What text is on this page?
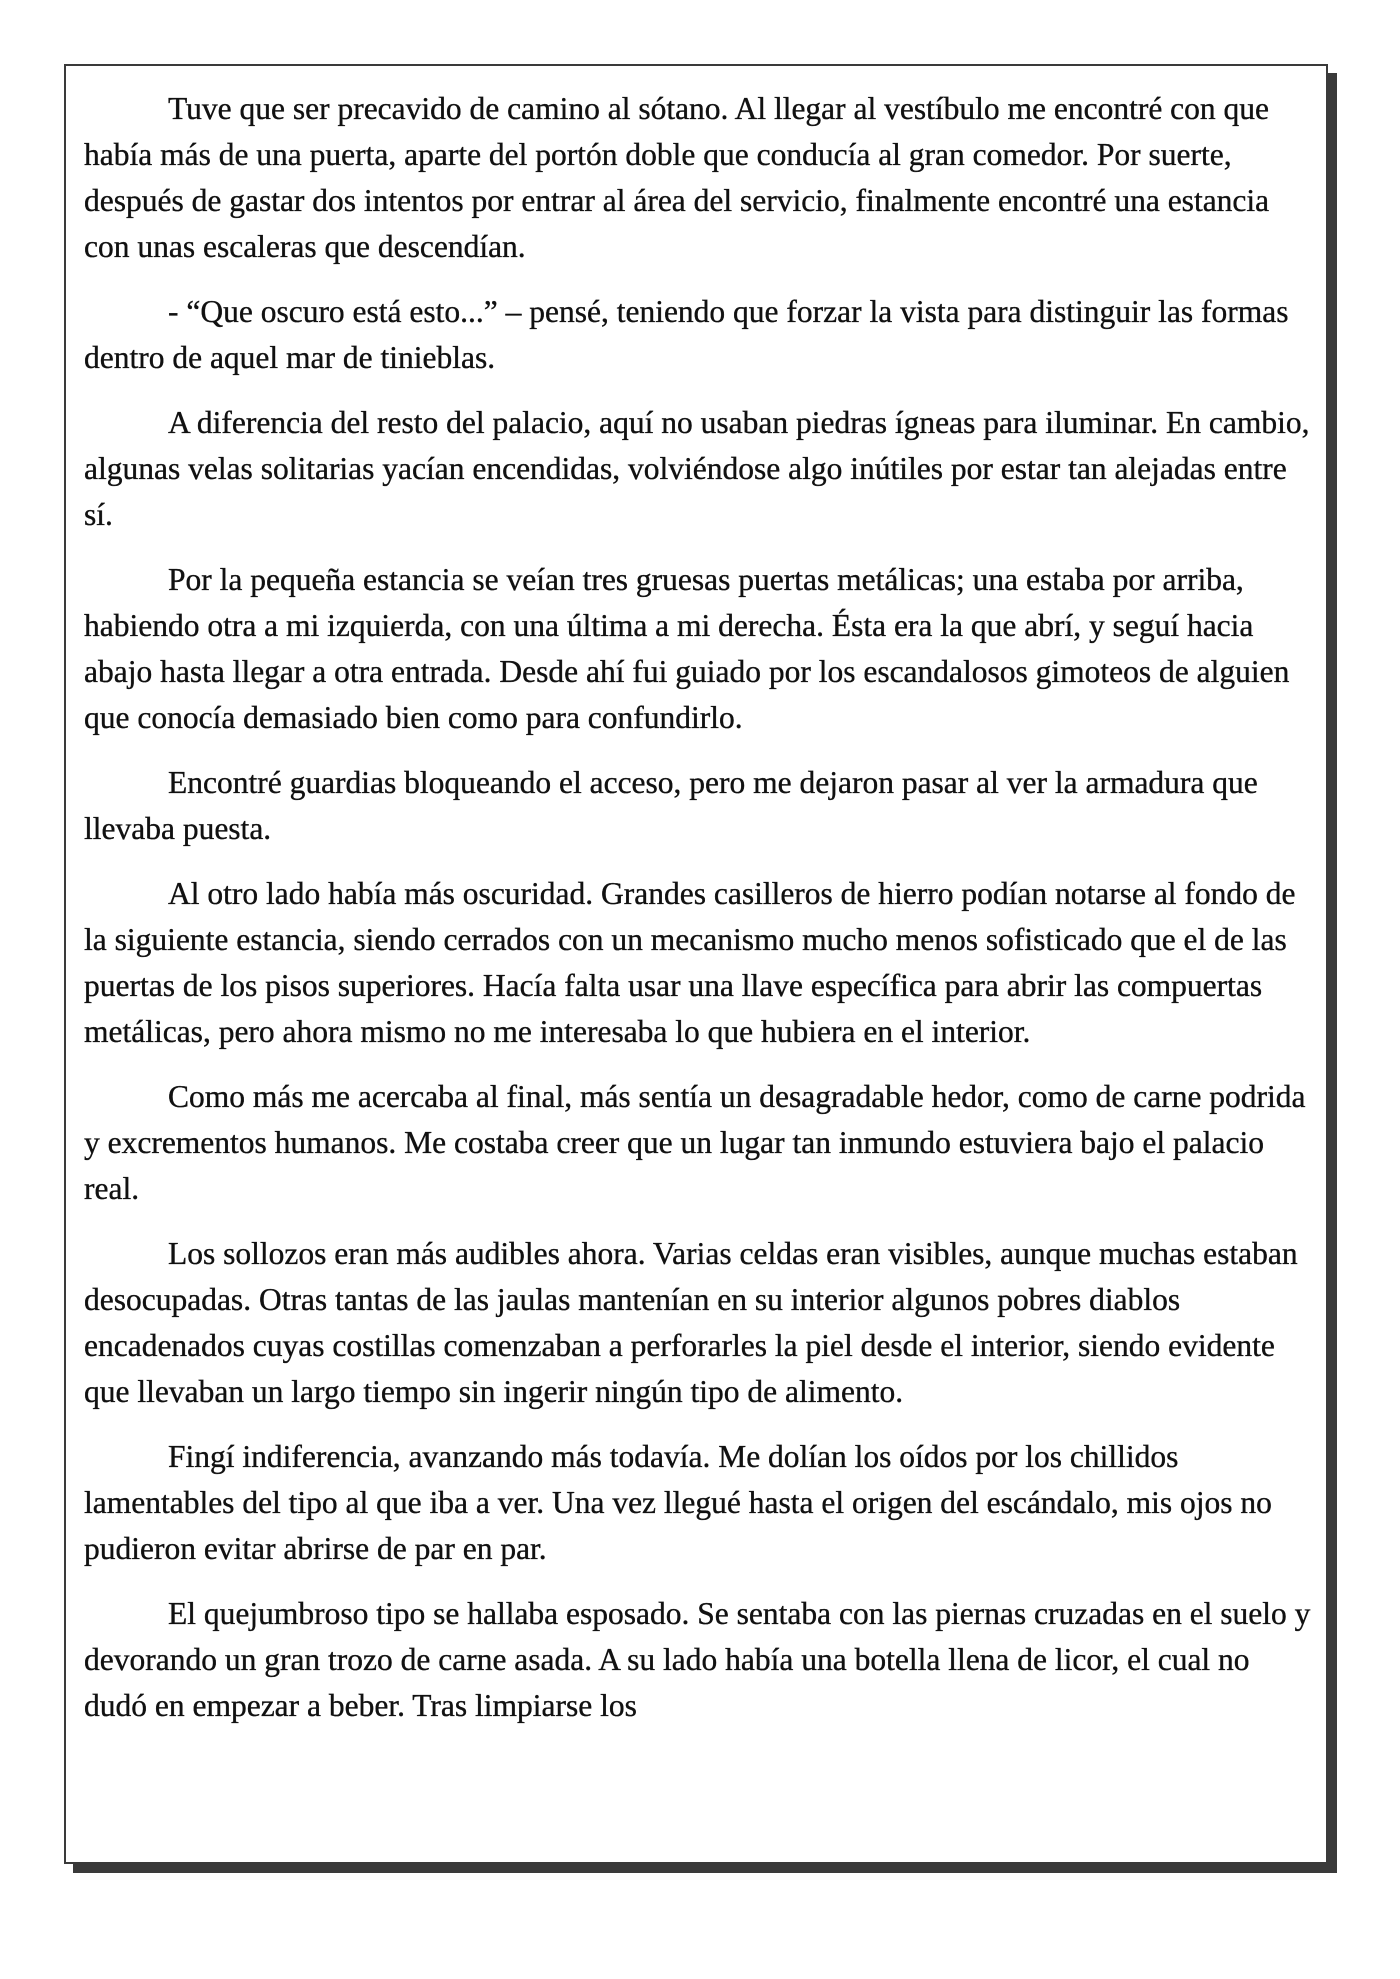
Tuve que ser precavido de camino al sótano. Al llegar al vestíbulo me encontré con que había más de una puerta, aparte del portón doble que conducía al gran comedor. Por suerte, después de gastar dos intentos por entrar al área del servicio, finalmente encontré una estancia con unas escaleras que descendían.

- “Que oscuro está esto...” – pensé, teniendo que forzar la vista para distinguir las formas dentro de aquel mar de tinieblas.

A diferencia del resto del palacio, aquí no usaban piedras ígneas para iluminar. En cambio, algunas velas solitarias yacían encendidas, volviéndose algo inútiles por estar tan alejadas entre sí.

Por la pequeña estancia se veían tres gruesas puertas metálicas; una estaba por arriba, habiendo otra a mi izquierda, con una última a mi derecha. Ésta era la que abrí, y seguí hacia abajo hasta llegar a otra entrada. Desde ahí fui guiado por los escandalosos gimoteos de alguien que conocía demasiado bien como para confundirlo.

Encontré guardias bloqueando el acceso, pero me dejaron pasar al ver la armadura que llevaba puesta.

Al otro lado había más oscuridad. Grandes casilleros de hierro podían notarse al fondo de la siguiente estancia, siendo cerrados con un mecanismo mucho menos sofisticado que el de las puertas de los pisos superiores. Hacía falta usar una llave específica para abrir las compuertas metálicas, pero ahora mismo no me interesaba lo que hubiera en el interior.

Como más me acercaba al final, más sentía un desagradable hedor, como de carne podrida y excrementos humanos. Me costaba creer que un lugar tan inmundo estuviera bajo el palacio real.

Los sollozos eran más audibles ahora. Varias celdas eran visibles, aunque muchas estaban desocupadas. Otras tantas de las jaulas mantenían en su interior algunos pobres diablos encadenados cuyas costillas comenzaban a perforarles la piel desde el interior, siendo evidente que llevaban un largo tiempo sin ingerir ningún tipo de alimento.

Fingí indiferencia, avanzando más todavía. Me dolían los oídos por los chillidos lamentables del tipo al que iba a ver. Una vez llegué hasta el origen del escándalo, mis ojos no pudieron evitar abrirse de par en par.

El quejumbroso tipo se hallaba esposado. Se sentaba con las piernas cruzadas en el suelo y devorando un gran trozo de carne asada. A su lado había una botella llena de licor, el cual no dudó en empezar a beber. Tras limpiarse los
